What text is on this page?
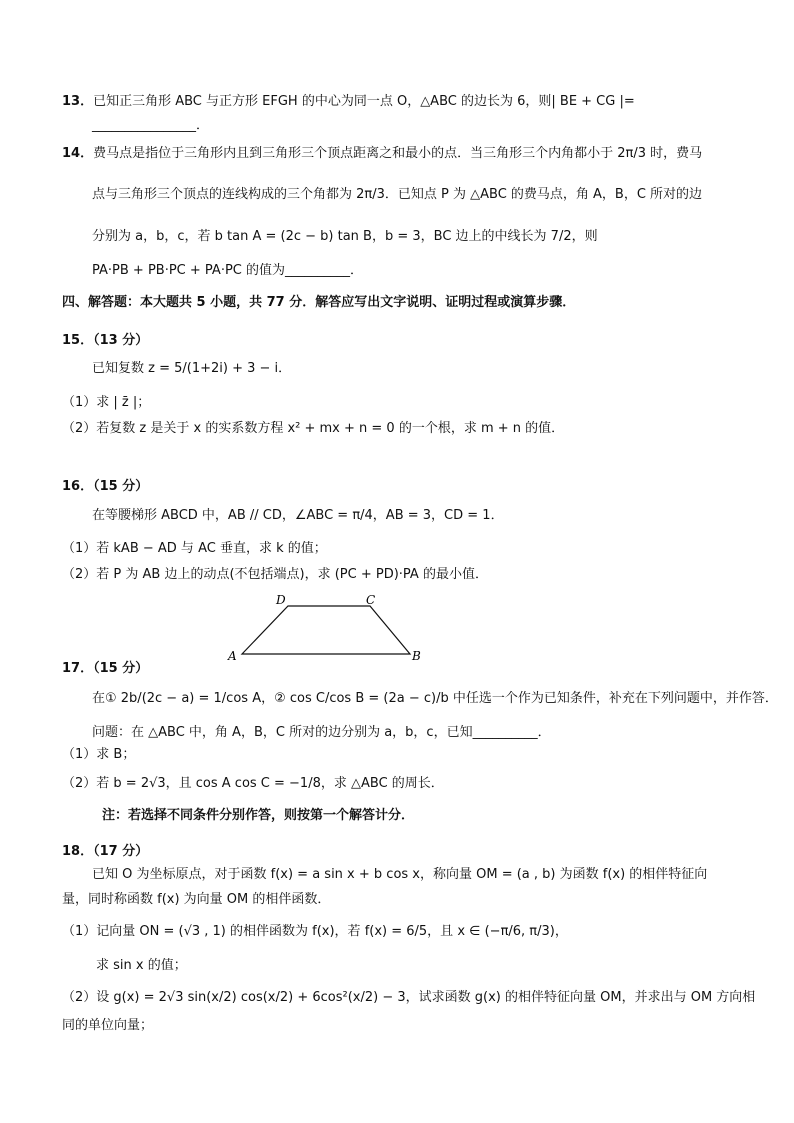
13．已知正三角形 ABC 与正方形 EFGH 的中心为同一点 O，△ABC 的边长为 6，则| BE + CG |=
________________．
14．费马点是指位于三角形内且到三角形三个顶点距离之和最小的点．当三角形三个内角都小于 2π/3 时，费马
点与三角形三个顶点的连线构成的三个角都为 2π/3．已知点 P 为 △ABC 的费马点，角 A，B，C 所对的边
分别为 a，b，c，若 b tan A = (2c − b) tan B，b = 3，BC 边上的中线长为 7/2，则
PA·PB + PB·PC + PA·PC 的值为__________．
四、解答题：本大题共 5 小题，共 77 分．解答应写出文字说明、证明过程或演算步骤．
15．（13 分）
已知复数 z = 5/(1+2i) + 3 − i．
（1）求 | z̄ |；
（2）若复数 z 是关于 x 的实系数方程 x² + mx + n = 0 的一个根，求 m + n 的值．
16．（15 分）
在等腰梯形 ABCD 中，AB // CD，∠ABC = π/4，AB = 3，CD = 1．
（1）若 kAB − AD 与 AC 垂直，求 k 的值；
（2）若 P 为 AB 边上的动点(不包括端点)，求 (PC + PD)·PA 的最小值．
D	C
A	B
17．（15 分）
在① 2b/(2c − a) = 1/cos A，② cos C/cos B = (2a − c)/b 中任选一个作为已知条件，补充在下列问题中，并作答．
问题：在 △ABC 中，角 A，B，C 所对的边分别为 a，b，c，已知__________．
（1）求 B；
（2）若 b = 2√3，且 cos A cos C = −1/8，求 △ABC 的周长．
注：若选择不同条件分别作答，则按第一个解答计分．
18．（17 分）
已知 O 为坐标原点，对于函数 f(x) = a sin x + b cos x，称向量 OM = (a , b) 为函数 f(x) 的相伴特征向
量，同时称函数 f(x) 为向量 OM 的相伴函数．
（1）记向量 ON = (√3 , 1) 的相伴函数为 f(x)，若 f(x) = 6/5，且 x ∈ (−π/6, π/3)，
求 sin x 的值；
（2）设 g(x) = 2√3 sin(x/2) cos(x/2) + 6cos²(x/2) − 3，试求函数 g(x) 的相伴特征向量 OM，并求出与 OM 方向相
同的单位向量；
